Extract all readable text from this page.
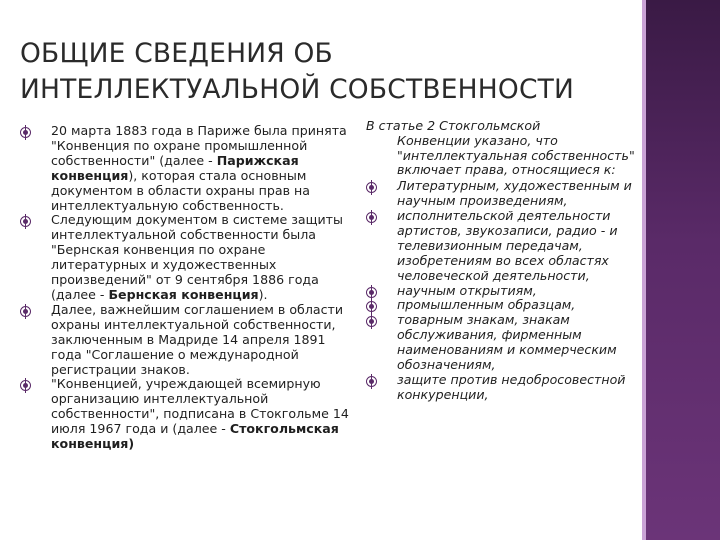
ОБЩИЕ СВЕДЕНИЯ ОБ
ИНТЕЛЛЕКТУАЛЬНОЙ СОБСТВЕННОСТИ
20 марта 1883 года в Париже была принята "Конвенция по охране промышленной собственности" (далее - Парижская конвенция), которая стала основным документом в области охраны прав на интеллектуальную собственность.
Следующим документом в системе защиты интеллектуальной собственности была "Бернская конвенция по охране литературных и художественных произведений" от 9 сентября 1886 года (далее - Бернская конвенция).
Далее, важнейшим соглашением в области охраны интеллектуальной собственности, заключенным в Мадриде 14 апреля 1891 года "Соглашение о международной регистрации знаков.
"Конвенцией, учреждающей всемирную организацию интеллектуальной собственности", подписана в Стокгольме 14 июля 1967 года и (далее - Стокгольмская конвенция)

В статье 2 Стокгольмской
Конвенции указано, что "интеллектуальная собственность" включает права, относящиеся к:

Литературным, художественным и научным произведениям,
исполнительской деятельности артистов, звукозаписи, радио - и телевизионным передачам, изобретениям во всех областях человеческой деятельности,
научным открытиям,
промышленным образцам,
товарным знакам, знакам обслуживания, фирменным наименованиям и коммерческим обозначениям,
защите против недобросовестной конкуренции,
